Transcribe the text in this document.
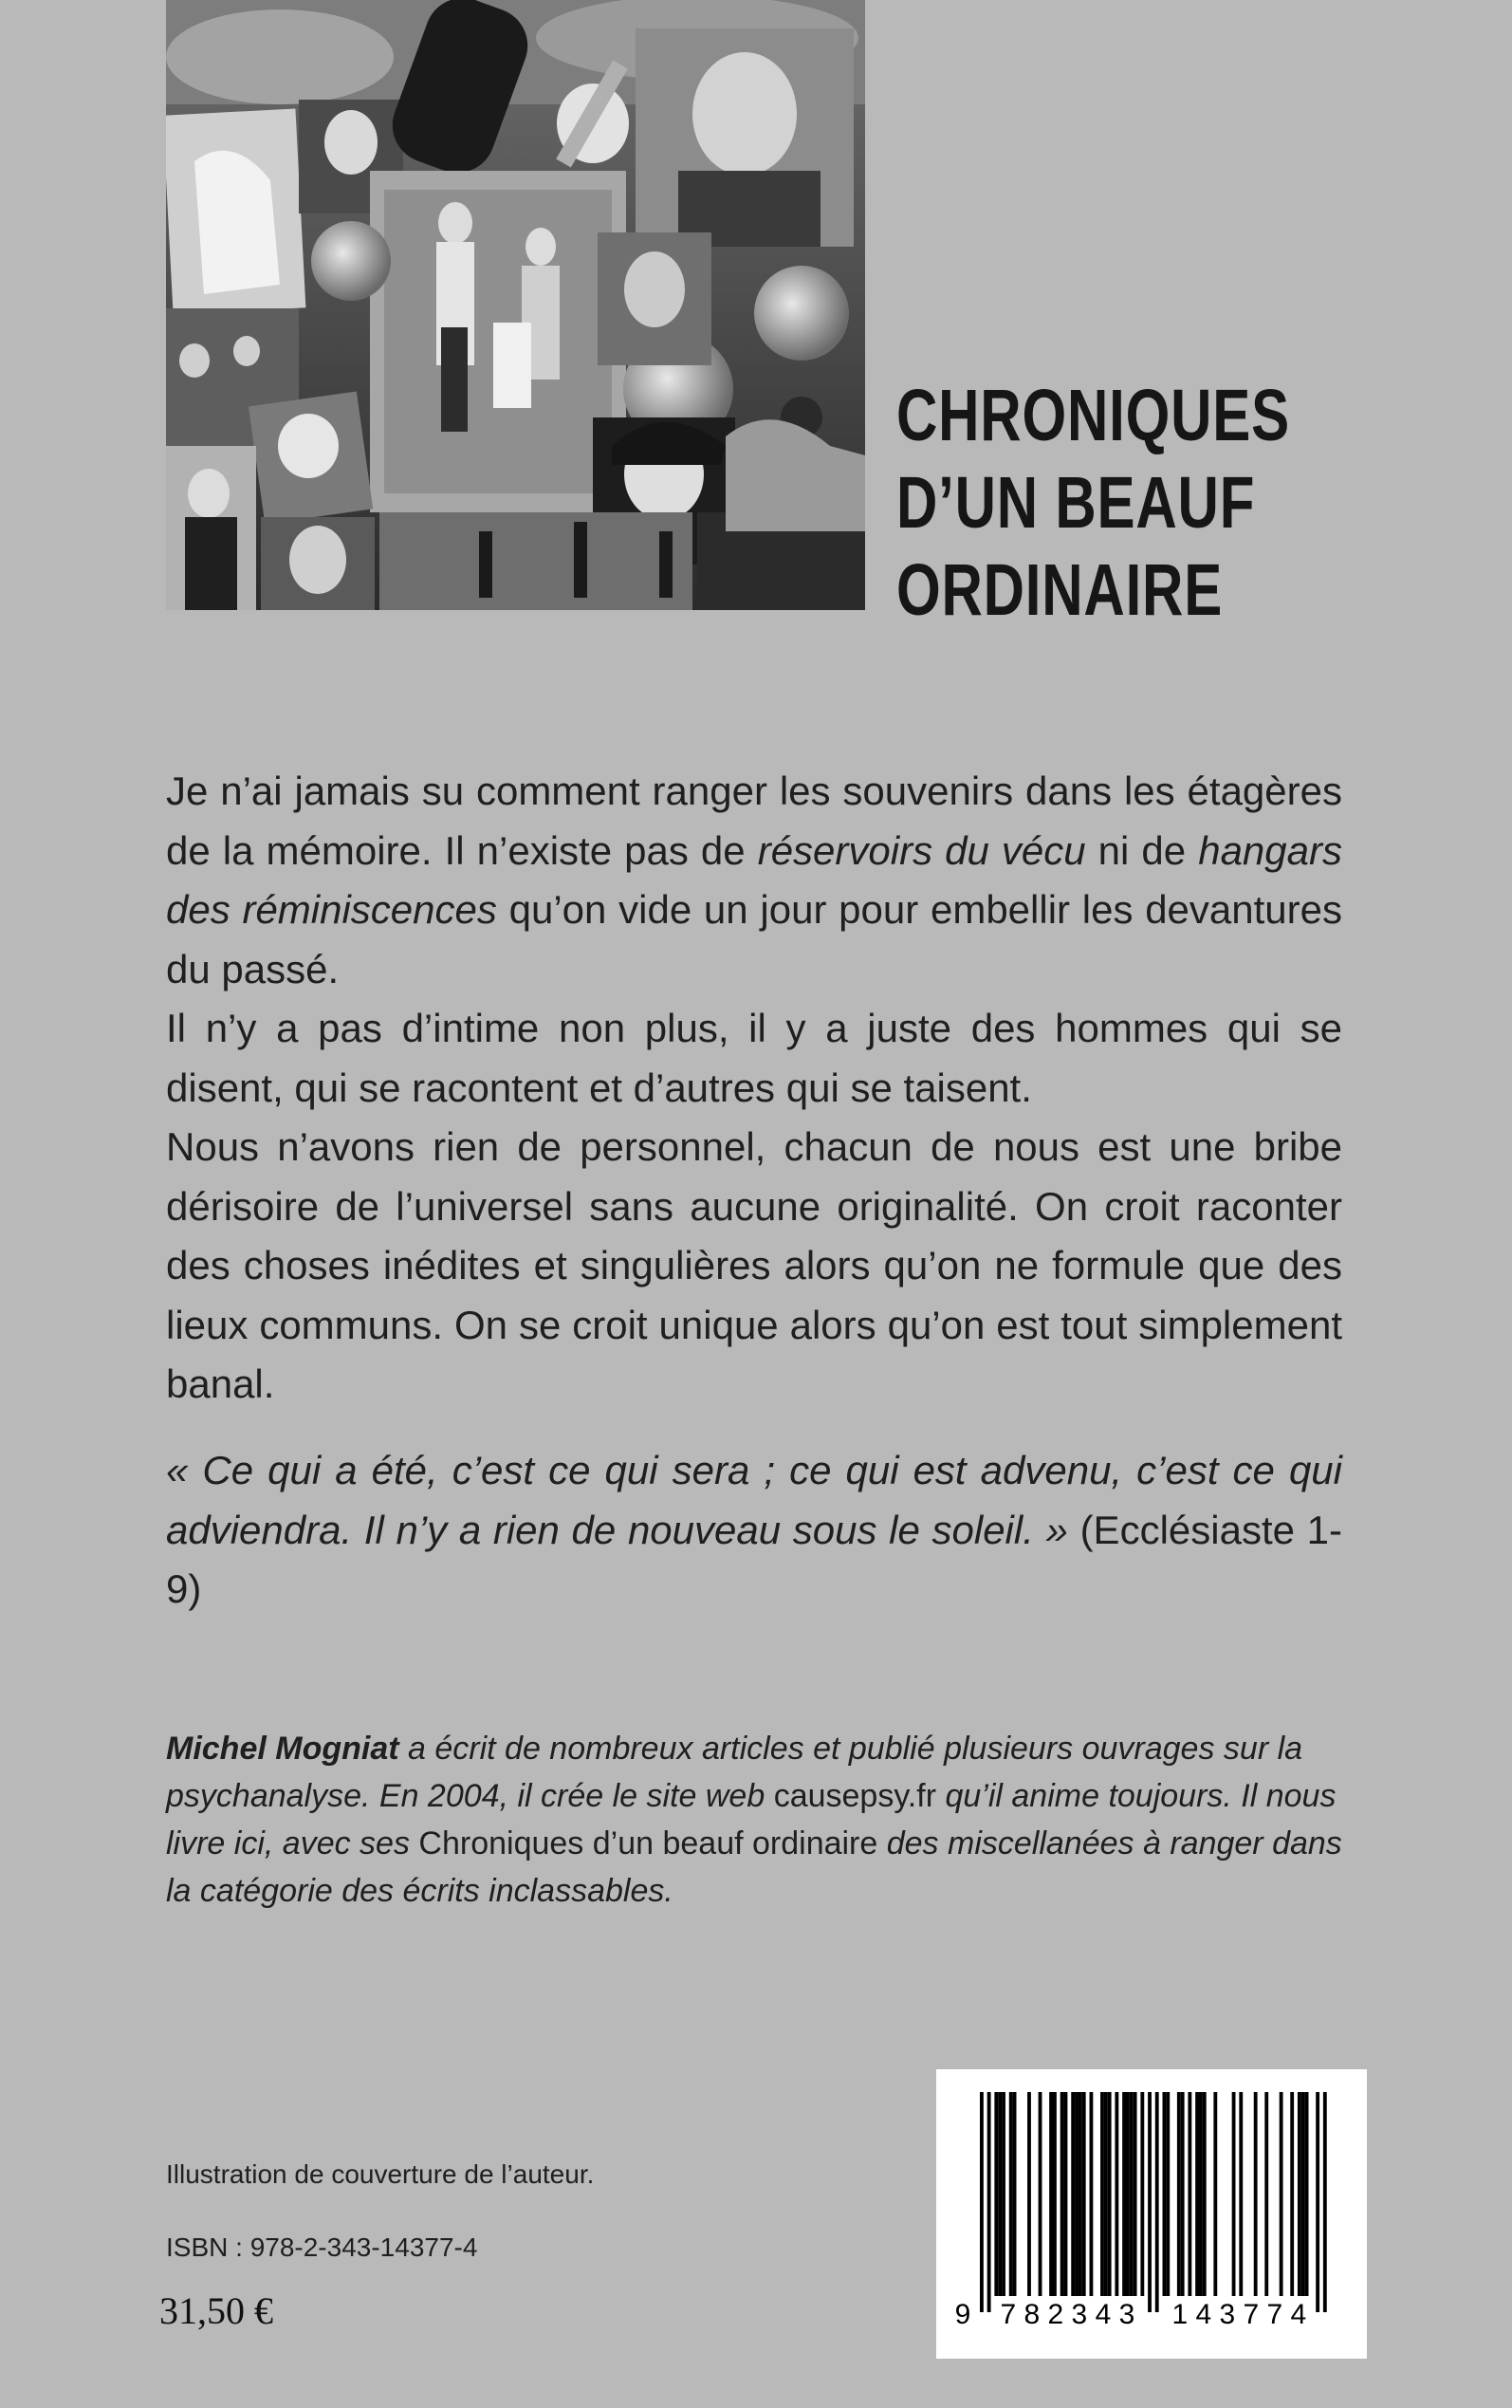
CHRONIQUES
D’UN BEAUF
ORDINAIRE

Je n’ai jamais su comment ranger les souvenirs dans les étagères de la mémoire. Il n’existe pas de réservoirs du vécu ni de hangars des réminiscences qu’on vide un jour pour embellir les devantures du passé.

Il n’y a pas d’intime non plus, il y a juste des hommes qui se disent, qui se racontent et d’autres qui se taisent.

Nous n’avons rien de personnel, chacun de nous est une bribe dérisoire de l’universel sans aucune originalité. On croit raconter des choses inédites et singulières alors qu’on ne formule que des lieux communs. On se croit unique alors qu’on est tout simplement banal.

« Ce qui a été, c’est ce qui sera ; ce qui est advenu, c’est ce qui adviendra. Il n’y a rien de nouveau sous le soleil. » (Ecclésiaste 1- 9)
Michel Mogniat a écrit de nombreux articles et publié plusieurs ouvrages sur la psychanalyse. En 2004, il crée le site web causepsy.fr qu’il anime toujours. Il nous livre ici, avec ses Chroniques d’un beauf ordinaire des miscellanées à ranger dans la catégorie des écrits inclassables.
Illustration de couverture de l’auteur.
ISBN : 978-2-343-14377-4
31,50 €	9 7 8 2 3 4 3 1 4 3 7 7 4
